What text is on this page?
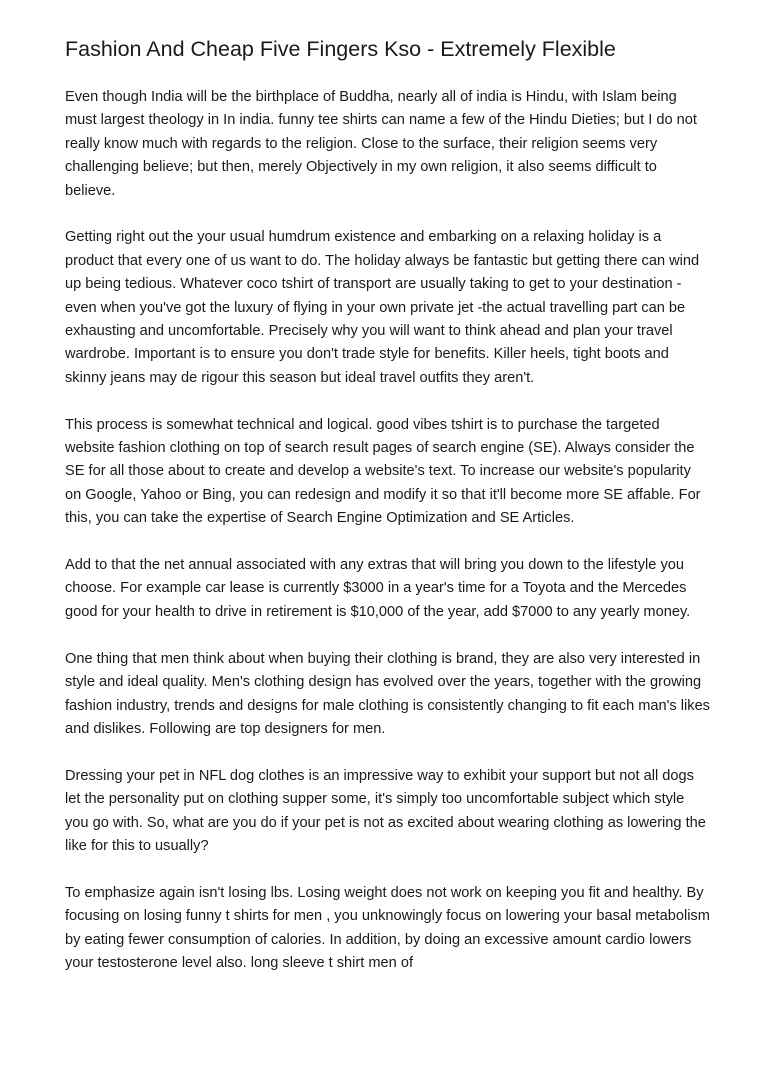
Fashion And Cheap Five Fingers Kso - Extremely Flexible

Even though India will be the birthplace of Buddha, nearly all of india is Hindu, with Islam being must largest theology in In india. funny tee shirts can name a few of the Hindu Dieties; but I do not really know much with regards to the religion. Close to the surface, their religion seems very challenging believe; but then, merely Objectively in my own religion, it also seems difficult to believe.

Getting right out the your usual humdrum existence and embarking on a relaxing holiday is a product that every one of us want to do. The holiday always be fantastic but getting there can wind up being tedious. Whatever coco tshirt of transport are usually taking to get to your destination - even when you've got the luxury of flying in your own private jet -the actual travelling part can be exhausting and uncomfortable. Precisely why you will want to think ahead and plan your travel wardrobe. Important is to ensure you don't trade style for benefits. Killer heels, tight boots and skinny jeans may de rigour this season but ideal travel outfits they aren't.

This process is somewhat technical and logical. good vibes tshirt is to purchase the targeted website fashion clothing on top of search result pages of search engine (SE). Always consider the SE for all those about to create and develop a website's text. To increase our website's popularity on Google, Yahoo or Bing, you can redesign and modify it so that it'll become more SE affable. For this, you can take the expertise of Search Engine Optimization and SE Articles.

Add to that the net annual associated with any extras that will bring you down to the lifestyle you choose. For example car lease is currently $3000 in a year's time for a Toyota and the Mercedes good for your health to drive in retirement is $10,000 of the year, add $7000 to any yearly money.

One thing that men think about when buying their clothing is brand, they are also very interested in style and ideal quality. Men's clothing design has evolved over the years, together with the growing fashion industry, trends and designs for male clothing is consistently changing to fit each man's likes and dislikes. Following are top designers for men.

Dressing your pet in NFL dog clothes is an impressive way to exhibit your support but not all dogs let the personality put on clothing supper some, it's simply too uncomfortable subject which style you go with. So, what are you do if your pet is not as excited about wearing clothing as lowering the like for this to usually?

To emphasize again isn't losing lbs. Losing weight does not work on keeping you fit and healthy. By focusing on losing funny t shirts for men , you unknowingly focus on lowering your basal metabolism by eating fewer consumption of calories. In addition, by doing an excessive amount cardio lowers your testosterone level also. long sleeve t shirt men of
